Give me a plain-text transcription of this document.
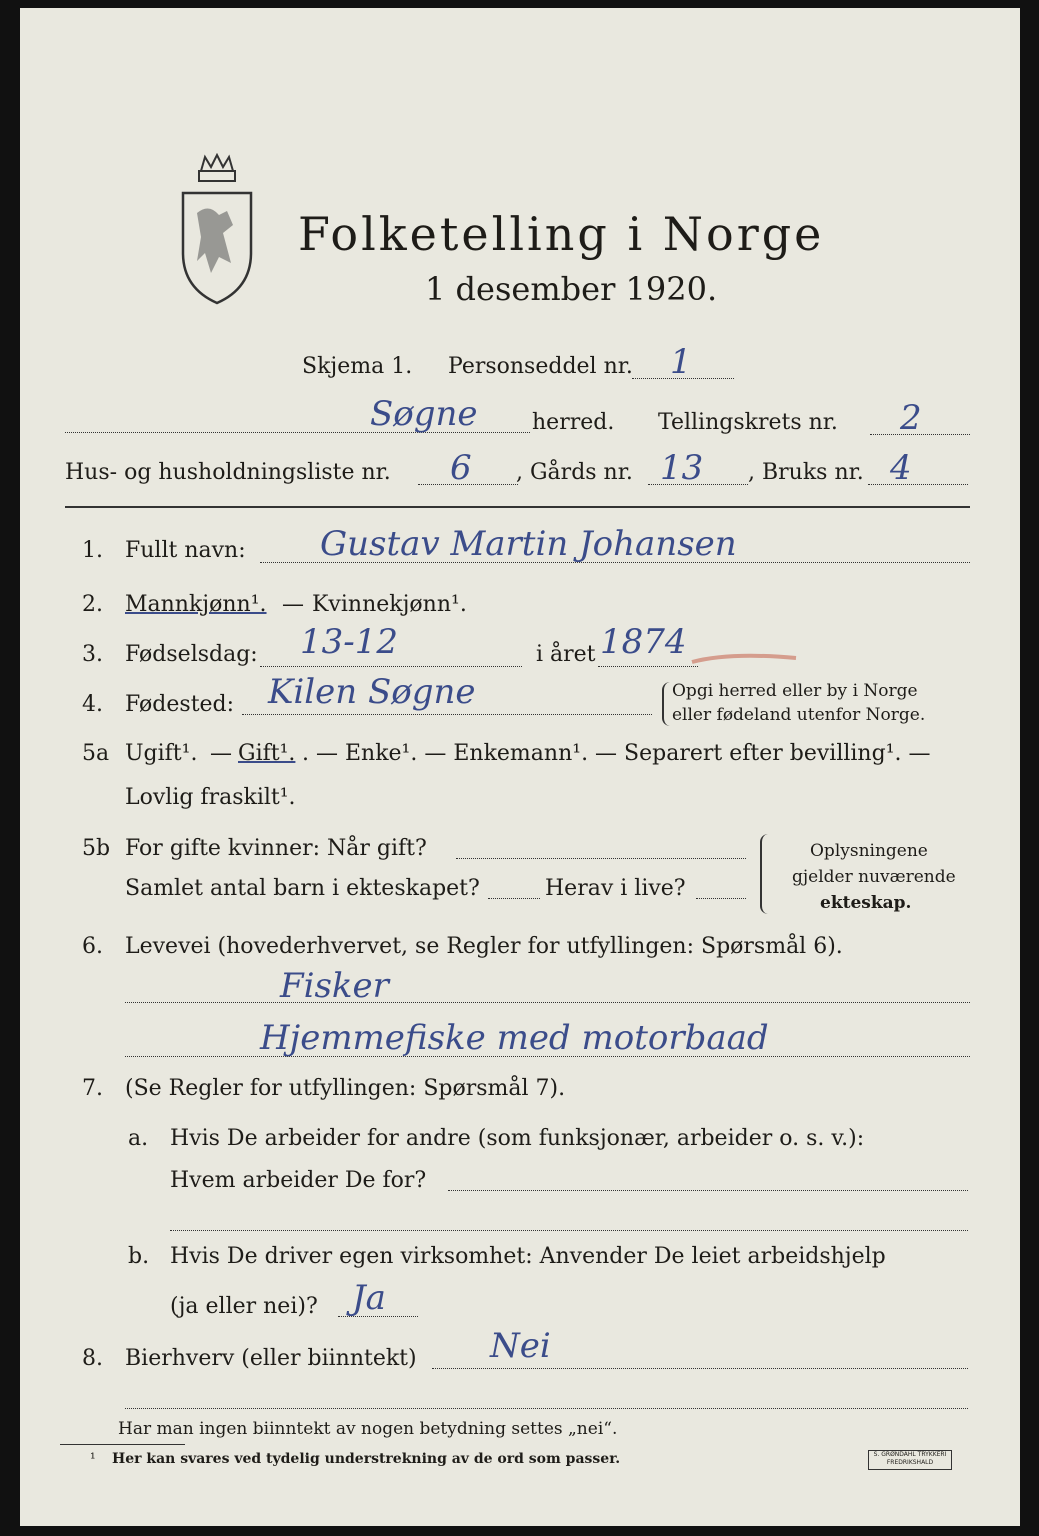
Folketelling i Norge
1 desember 1920.
Skjema 1. Personseddel nr. 1
Søgne herred. Tellingskrets nr. 2
Hus- og husholdningsliste nr. 6 , Gårds nr. 13 , Bruks nr. 4
1. Fullt navn: Gustav Martin Johansen
2. Mannkjønn¹. — Kvinnekjønn¹.
3. Fødselsdag: 13-12	i året 1874
4. Fødested: Kilen Søgne	Opgi herred eller by i Norge
eller fødeland utenfor Norge.
5a Ugift¹. — Gift¹. . — Enke¹. — Enkemann¹. — Separert efter bevilling¹. —
Lovlig fraskilt¹.
5b For gifte kvinner: Når gift?
Samlet antal barn i ekteskapet?	Herav i live?
Oplysningene
gjelder nuværende
ekteskap.
6. Levevei (hovederhvervet, se Regler for utfyllingen: Spørsmål 6).
Fisker
Hjemmefiske med motorbaad
7. (Se Regler for utfyllingen: Spørsmål 7).
a. Hvis De arbeider for andre (som funksjonær, arbeider o. s. v.):
Hvem arbeider De for?
b. Hvis De driver egen virksomhet: Anvender De leiet arbeidshjelp
(ja eller nei)? Ja
8. Bierhverv (eller biinntekt) Nei
Har man ingen biinntekt av nogen betydning settes „nei“.
¹ Her kan svares ved tydelig understrekning av de ord som passer.	S. GRØNDAHL TRYKKERI FREDRIKSHALD
